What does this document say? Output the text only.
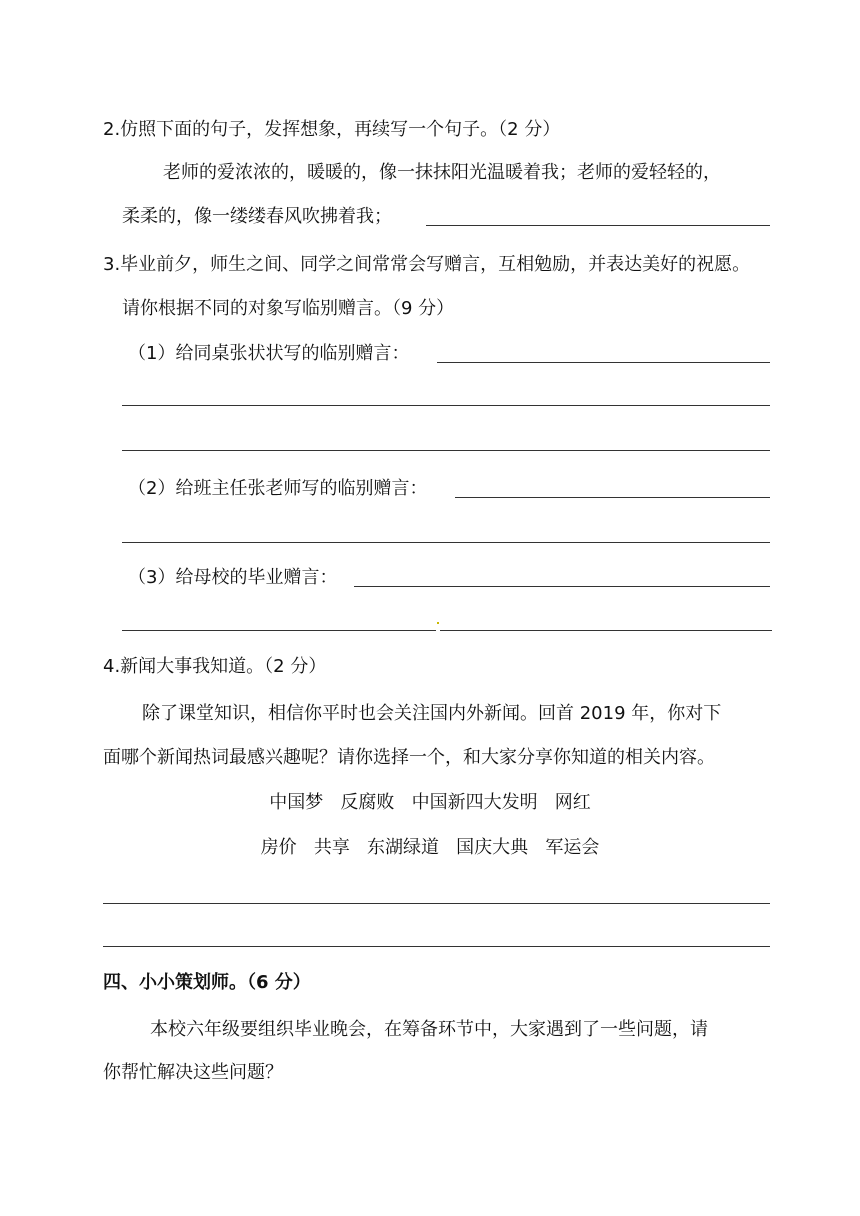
2.仿照下面的句子，发挥想象，再续写一个句子。（2 分）
老师的爱浓浓的，暖暖的，像一抹抹阳光温暖着我；老师的爱轻轻的，
柔柔的，像一缕缕春风吹拂着我；
3.毕业前夕，师生之间、同学之间常常会写赠言，互相勉励，并表达美好的祝愿。
请你根据不同的对象写临别赠言。（9 分）
（1）给同桌张状状写的临别赠言：
（2）给班主任张老师写的临别赠言：
（3）给母校的毕业赠言：
4.新闻大事我知道。（2 分）
除了课堂知识，相信你平时也会关注国内外新闻。回首 2019 年，你对下
面哪个新闻热词最感兴趣呢？请你选择一个，和大家分享你知道的相关内容。
中国梦   反腐败   中国新四大发明   网红
房价   共享   东湖绿道   国庆大典   军运会
四、小小策划师。（6 分）
本校六年级要组织毕业晚会，在筹备环节中，大家遇到了一些问题，请
你帮忙解决这些问题？
